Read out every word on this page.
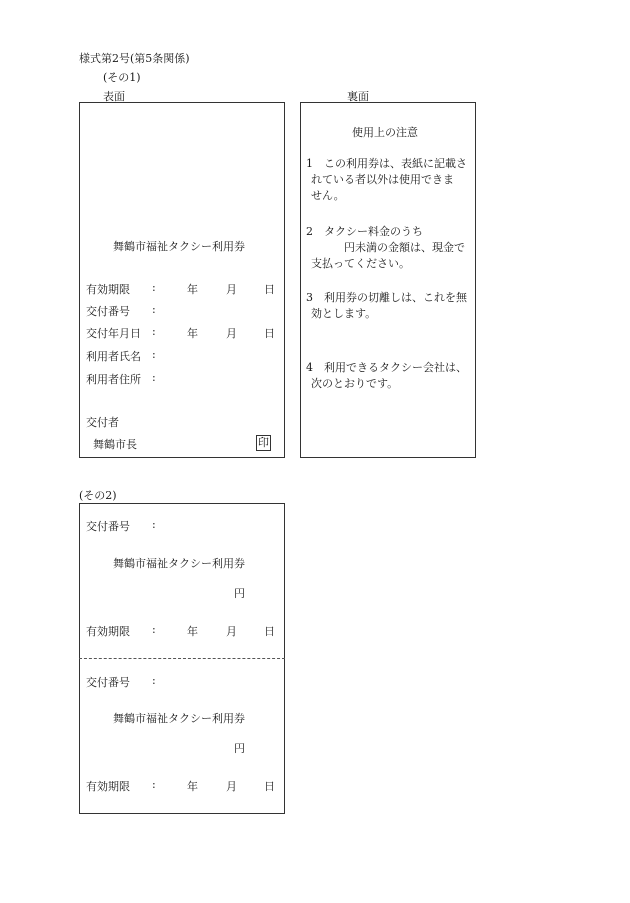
様式第2号(第5条関係)
(その1)
表面	裏面
舞鶴市福祉タクシー利用券
有効期限 :	年	月 日
交付番号 :
交付年月日 :	年	月 日
利用者氏名 :
利用者住所 :
交付者
舞鶴市長	印
使用上の注意
1　この利用券は、表紙に記載さ
れている者以外は使用できま
せん。
2　タクシー料金のうち
　　　円未満の金額は、現金で
支払ってください。
3　利用券の切離しは、これを無
効とします。
4　利用できるタクシー会社は、
次のとおりです。
(その2)
交付番号 :
舞鶴市福祉タクシー利用券
円
有効期限 :	年	月 日
交付番号 :
舞鶴市福祉タクシー利用券
円
有効期限 :	年	月 日
